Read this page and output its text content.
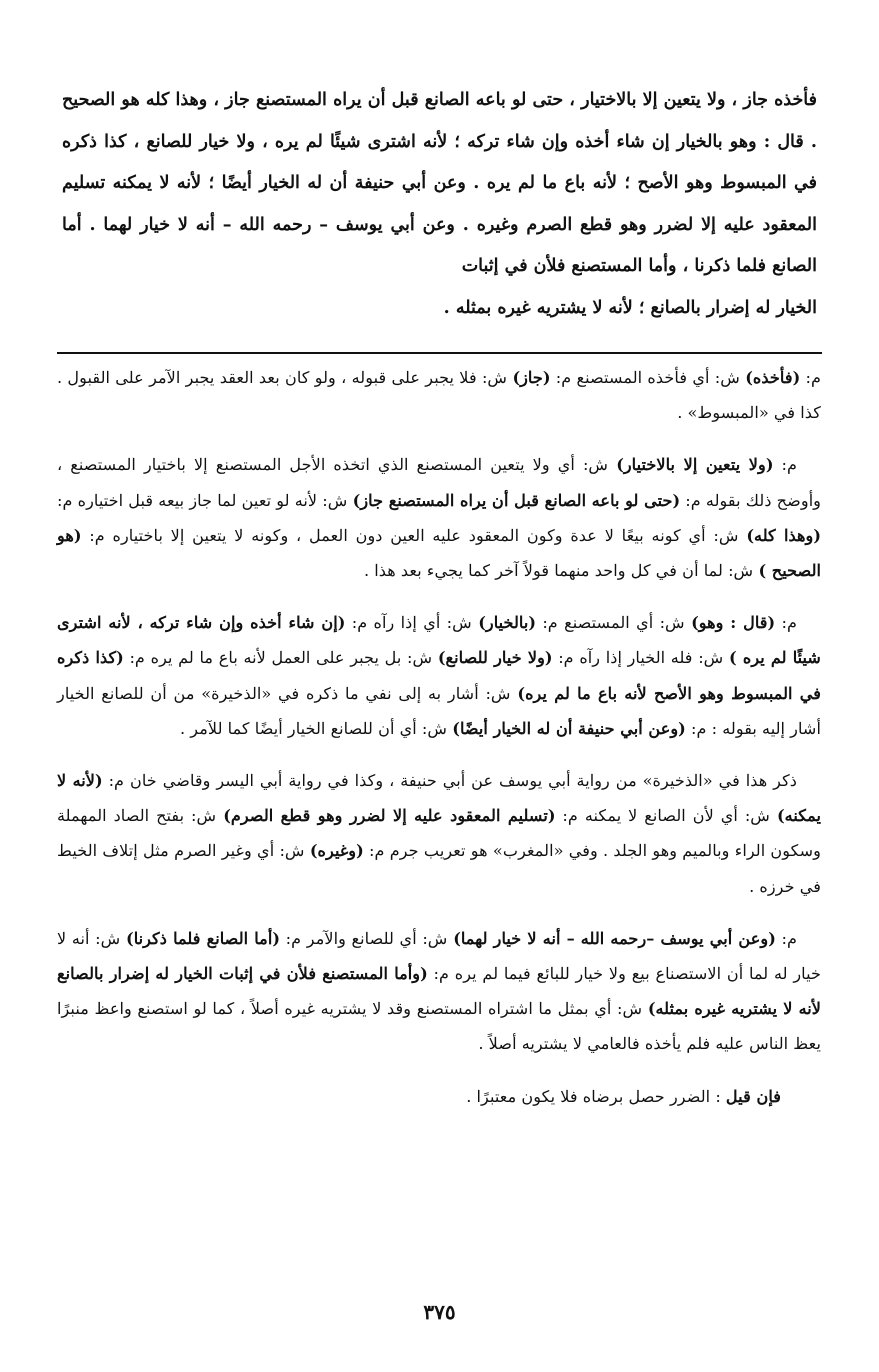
فأخذه جاز ، ولا يتعين إلا بالاختيار ، حتى لو باعه الصانع قبل أن يراه المستصنع جاز ، وهذا كله هو الصحيح . قال : وهو بالخيار إن شاء أخذه وإن شاء تركه ؛ لأنه اشترى شيئًا لم يره ، ولا خيار للصانع ، كذا ذكره في المبسوط وهو الأصح ؛ لأنه باع ما لم يره . وعن أبي حنيفة أن له الخيار أيضًا ؛ لأنه لا يمكنه تسليم المعقود عليه إلا لضرر وهو قطع الصرم وغيره . وعن أبي يوسف – رحمه الله – أنه لا خيار لهما . أما الصانع فلما ذكرنا ، وأما المستصنع فلأن في إثبات
الخيار له إضرار بالصانع ؛ لأنه لا يشتريه غيره بمثله .

م: (فأخذه) ش: أي فأخذه المستصنع م: (جاز) ش: فلا يجبر على قبوله ، ولو كان بعد العقد يجبر الآمر على القبول . كذا في «المبسوط» .

م: (ولا يتعين إلا بالاختيار) ش: أي ولا يتعين المستصنع الذي اتخذه الأجل المستصنع إلا باختيار المستصنع ، وأوضح ذلك بقوله م: (حتى لو باعه الصانع قبل أن يراه المستصنع جاز) ش: لأنه لو تعين لما جاز بيعه قبل اختياره م: (وهذا كله) ش: أي كونه بيعًا لا عدة وكون المعقود عليه العين دون العمل ، وكونه لا يتعين إلا باختياره م: (هو الصحيح ) ش: لما أن في كل واحد منهما قولاً آخر كما يجيء بعد هذا .

م: (قال : وهو) ش: أي المستصنع م: (بالخيار) ش: أي إذا رآه م: (إن شاء أخذه وإن شاء تركه ، لأنه اشترى شيئًا لم يره ) ش: فله الخيار إذا رآه م: (ولا خيار للصانع) ش: بل يجبر على العمل لأنه باع ما لم يره م: (كذا ذكره في المبسوط وهو الأصح لأنه باع ما لم يره) ش: أشار به إلى نفي ما ذكره في «الذخيرة» من أن للصانع الخيار أشار إليه بقوله : م: (وعن أبي حنيفة أن له الخيار أيضًا) ش: أي أن للصانع الخيار أيضًا كما للآمر .

ذكر هذا في «الذخيرة» من رواية أبي يوسف عن أبي حنيفة ، وكذا في رواية أبي اليسر وقاضي خان م: (لأنه لا يمكنه) ش: أي لأن الصانع لا يمكنه م: (تسليم المعقود عليه إلا لضرر وهو قطع الصرم) ش: بفتح الصاد المهملة وسكون الراء وبالميم وهو الجلد . وفي «المغرب» هو تعريب جرم م: (وغيره) ش: أي وغير الصرم مثل إتلاف الخيط في خرزه .

م: (وعن أبي يوسف –رحمه الله – أنه لا خيار لهما) ش: أي للصانع والآمر م: (أما الصانع فلما ذكرنا) ش: أنه لا خيار له لما أن الاستصناع بيع ولا خيار للبائع فيما لم يره م: (وأما المستصنع فلأن في إثبات الخيار له إضرار بالصانع لأنه لا يشتريه غيره بمثله) ش: أي بمثل ما اشتراه المستصنع وقد لا يشتريه غيره أصلاً ، كما لو استصنع واعظ منبرًا يعظ الناس عليه فلم يأخذه فالعامي لا يشتريه أصلاً .

فإن قيل : الضرر حصل برضاه فلا يكون معتبرًا .

٣٧٥
